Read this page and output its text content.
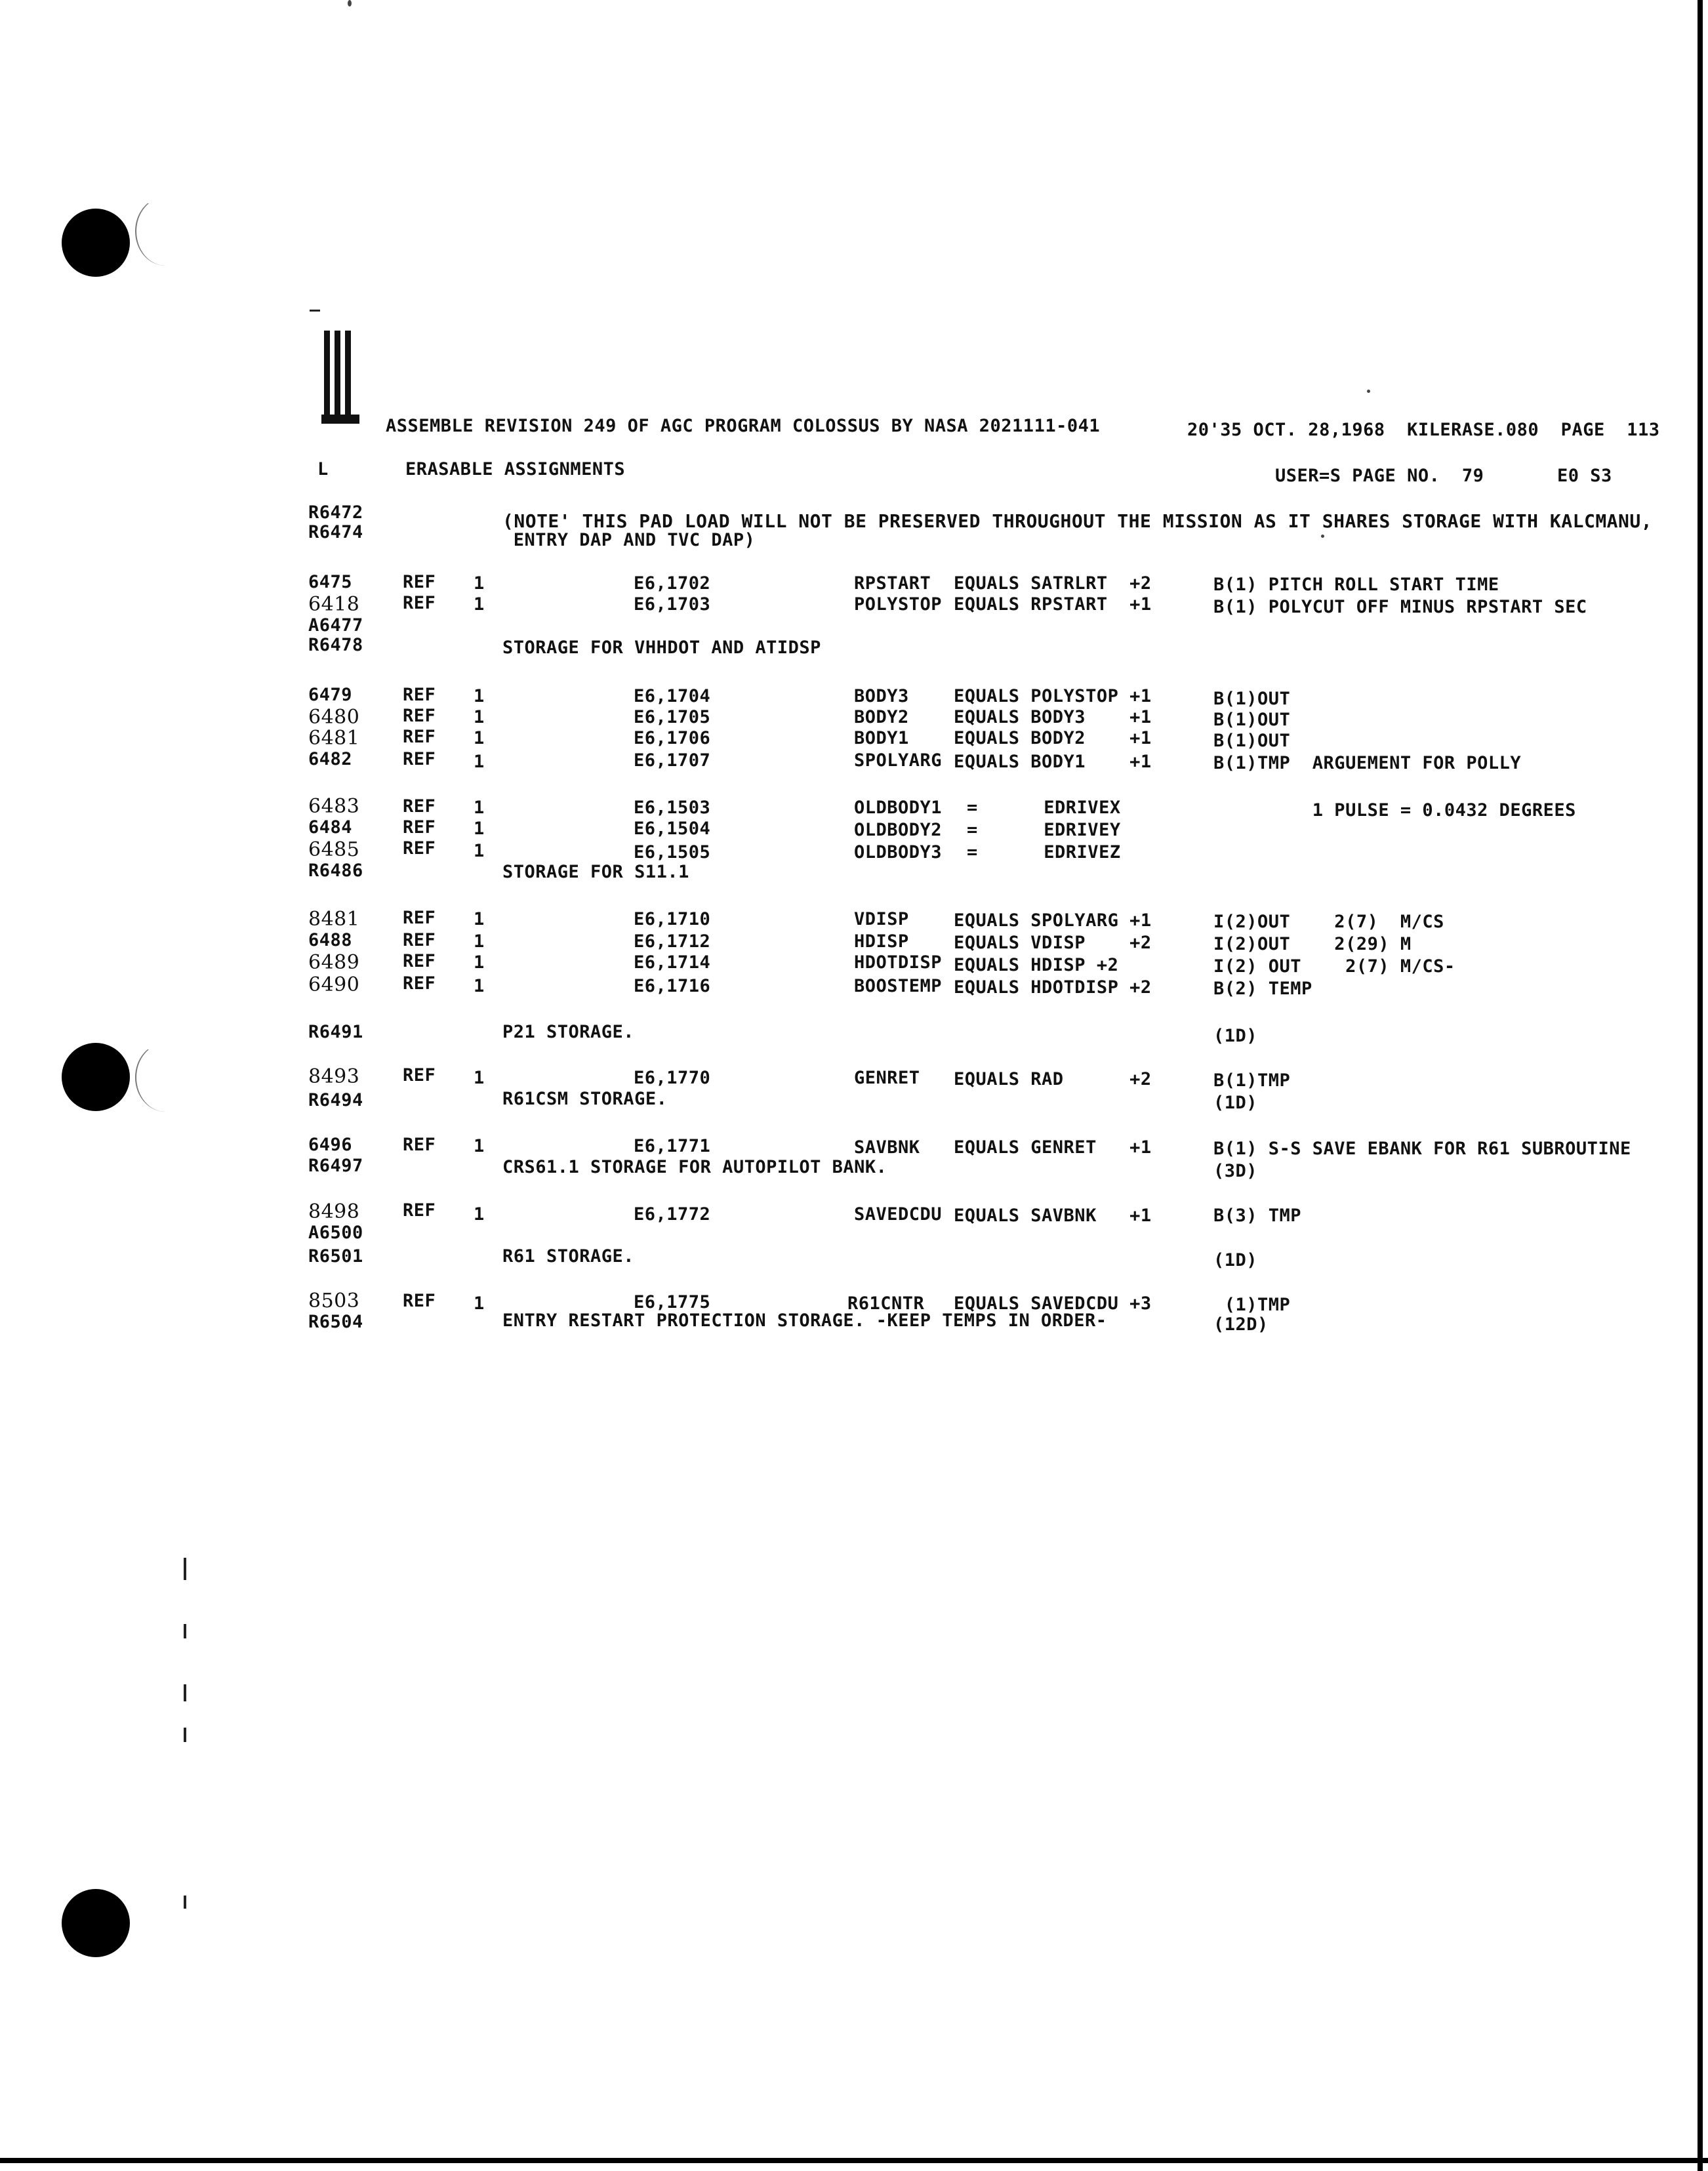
ASSEMBLE REVISION 249 OF AGC PROGRAM COLOSSUS BY NASA 2021111-041	20'35 OCT. 28,1968  KILERASE.080  PAGE  113
L	ERASABLE ASSIGNMENTS	USER=S PAGE NO.  79	E0 S3
R6472	(NOTE' THIS PAD LOAD WILL NOT BE PRESERVED THROUGHOUT THE MISSION AS IT SHARES STORAGE WITH KALCMANU,
R6474	ENTRY DAP AND TVC DAP)
6475	REF 1	E6,1702	RPSTART EQUALS SATRLRT  +2	B(1) PITCH ROLL START TIME
6418 REF 1	E6,1703	POLYSTOP EQUALS RPSTART  +1	B(1) POLYCUT OFF MINUS RPSTART SEC
A6477
R6478	STORAGE FOR VHHDOT AND ATIDSP
6479	REF 1	E6,1704	BODY3	EQUALS POLYSTOP +1	B(1)OUT
6480 REF 1	E6,1705	BODY2	EQUALS BODY3    +1	B(1)OUT
6481 REF 1	E6,1706	BODY1	EQUALS BODY2    +1	B(1)OUT
6482	REF 1	E6,1707	SPOLYARG EQUALS BODY1    +1	B(1)TMP  ARGUEMENT FOR POLLY
6483 REF 1	E6,1503	OLDBODY1 =      EDRIVEX	1 PULSE = 0.0432 DEGREES
6484	REF 1	E6,1504	OLDBODY2 =      EDRIVEY
6485 REF 1	E6,1505	OLDBODY3 =      EDRIVEZ
R6486	STORAGE FOR S11.1
8481 REF 1	E6,1710	VDISP	EQUALS SPOLYARG +1	I(2)OUT    2(7)  M/CS
6488	REF 1	E6,1712	HDISP	EQUALS VDISP    +2	I(2)OUT    2(29) M
6489 REF 1	E6,1714	HDOTDISP EQUALS HDISP +2	I(2) OUT    2(7) M/CS-
6490 REF 1	E6,1716	BOOSTEMP EQUALS HDOTDISP +2	B(2) TEMP
R6491	P21 STORAGE.	(1D)
8493 REF 1	E6,1770	GENRET EQUALS RAD      +2	B(1)TMP
R6494	R61CSM STORAGE.	(1D)
6496	REF 1	E6,1771	SAVBNK EQUALS GENRET   +1	B(1) S-S SAVE EBANK FOR R61 SUBROUTINE
R6497	CRS61.1 STORAGE FOR AUTOPILOT BANK.	(3D)
8498 REF 1	E6,1772	SAVEDCDU EQUALS SAVBNK   +1	B(3) TMP
A6500
R6501	R61 STORAGE.	(1D)
8503 REF 1	E6,1775	R61CNTR EQUALS SAVEDCDU +3	(1)TMP
R6504	ENTRY RESTART PROTECTION STORAGE. -KEEP TEMPS IN ORDER-	(12D)
